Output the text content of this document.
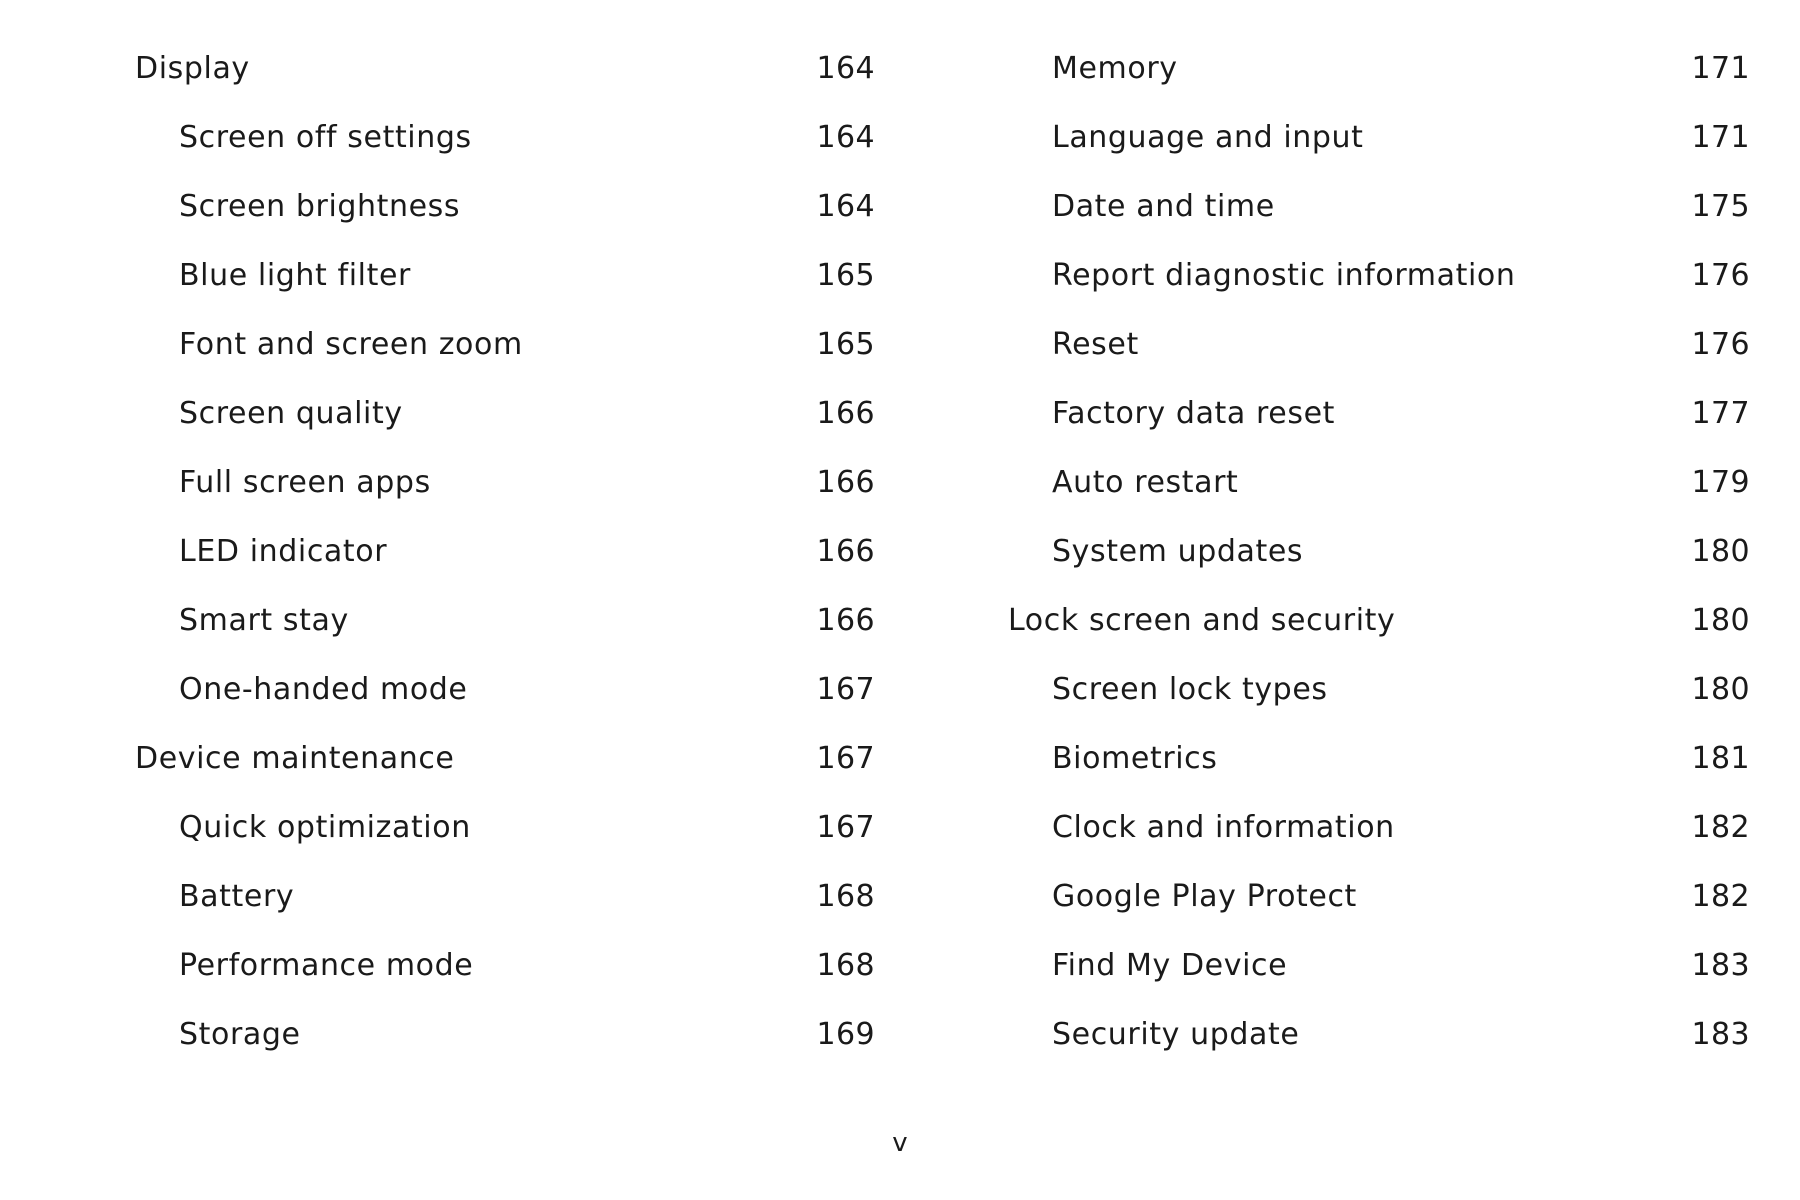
Display	164
Screen off settings	164
Screen brightness	164
Blue light filter	165
Font and screen zoom	165
Screen quality	166
Full screen apps	166
LED indicator	166
Smart stay	166
One-handed mode	167
Device maintenance	167
Quick optimization	167
Battery	168
Performance mode	168
Storage	169
Memory	171
Language and input	171
Date and time	175
Report diagnostic information	176
Reset	176
Factory data reset	177
Auto restart	179
System updates	180
Lock screen and security	180
Screen lock types	180
Biometrics	181
Clock and information	182
Google Play Protect	182
Find My Device	183
Security update	183
v
